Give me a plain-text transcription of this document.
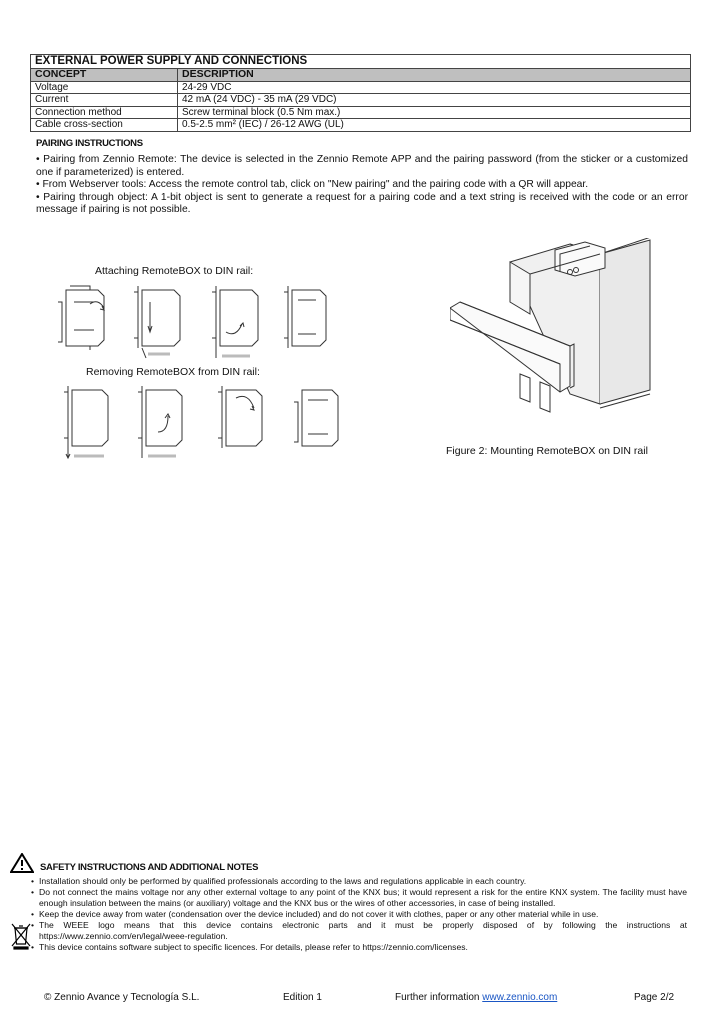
EXTERNAL POWER SUPPLY AND CONNECTIONS	
CONCEPT	DESCRIPTION
Voltage	24-29 VDC
Current	42 mA (24 VDC) - 35 mA (29 VDC)
Connection method	Screw terminal block (0.5 Nm max.)
Cable cross-section	0.5-2.5 mm² (IEC) / 26-12 AWG (UL)
PAIRING INSTRUCTIONS

• Pairing from Zennio Remote: The device is selected in the Zennio Remote APP and the pairing password (from the sticker or a customized one if parameterized) is entered.

• From Webserver tools: Access the remote control tab, click on "New pairing" and the pairing code with a QR will appear.

• Pairing through object: A 1-bit object is sent to generate a request for a pairing code and a text string is received with the code or an error message if pairing is not possible.

Attaching RemoteBOX to DIN rail:
Removing RemoteBOX from DIN rail:
Figure 2: Mounting RemoteBOX on DIN rail
SAFETY INSTRUCTIONS AND ADDITIONAL NOTES
• Installation should only be performed by qualified professionals according to the laws and regulations applicable in each country.
• Do not connect the mains voltage nor any other external voltage to any point of the KNX bus; it would represent a risk for the entire KNX system. The facility must have enough insulation between the mains (or auxiliary) voltage and the KNX bus or the wires of other accessories, in case of being installed.
• Keep the device away from water (condensation over the device included) and do not cover it with clothes, paper or any other material while in use.
• The WEEE logo means that this device contains electronic parts and it must be properly disposed of by following the instructions at https://www.zennio.com/en/legal/weee-regulation.
• This device contains software subject to specific licences. For details, please refer to https://zennio.com/licenses.
© Zennio Avance y Tecnología S.L.	Edition 1	Further information www.zennio.com	Page 2/2
